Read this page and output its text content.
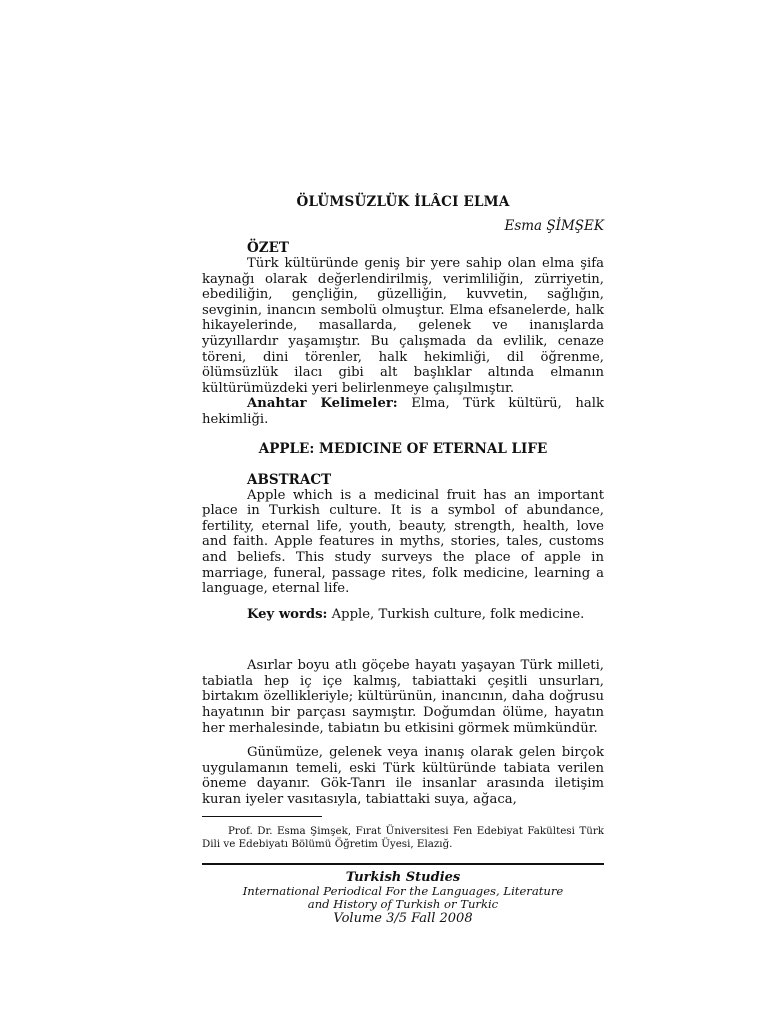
ÖLÜMSÜZLÜK İLÂCI ELMA
Esma ŞİMŞEK
ÖZET

Türk kültüründe geniş bir yere sahip olan elma şifa kaynağı olarak değerlendirilmiş, verimliliğin, zürriyetin, ebediliğin, gençliğin, güzelliğin, kuvvetin, sağlığın, sevginin, inancın sembolü olmuştur. Elma efsanelerde, halk hikayelerinde, masallarda, gelenek ve inanışlarda yüzyıllardır yaşamıştır. Bu çalışmada da evlilik, cenaze töreni, dini törenler, halk hekimliği, dil öğrenme, ölümsüzlük ilacı gibi alt başlıklar altında elmanın kültürümüzdeki yeri belirlenmeye çalışılmıştır.

Anahtar Kelimeler: Elma, Türk kültürü, halk hekimliği.

APPLE: MEDICINE OF ETERNAL LIFE
ABSTRACT

Apple which is a medicinal fruit has an important place in Turkish culture. It is a symbol of abundance, fertility, eternal life, youth, beauty, strength, health, love and faith. Apple features in myths, stories, tales, customs and beliefs. This study surveys the place of apple in marriage, funeral, passage rites, folk medicine, learning a language, eternal life.

Key words: Apple, Turkish culture, folk medicine.

Asırlar boyu atlı göçebe hayatı yaşayan Türk milleti, tabiatla hep iç içe kalmış, tabiattaki çeşitli unsurları, birtakım özellikleriyle; kültürünün, inancının, daha doğrusu hayatının bir parçası saymıştır. Doğumdan ölüme, hayatın her merhalesinde, tabiatın bu etkisini görmek mümkündür.

Günümüze, gelenek veya inanış olarak gelen birçok uygulamanın temeli, eski Türk kültüründe tabiata verilen öneme dayanır. Gök-Tanrı ile insanlar arasında iletişim kuran iyeler vasıtasıyla, tabiattaki suya, ağaca,

Prof. Dr. Esma Şimşek, Fırat Üniversitesi Fen Edebiyat Fakültesi Türk Dili ve Edebiyatı Bölümü Öğretim Üyesi, Elazığ.
Turkish Studies
International Periodical For the Languages, Literature
and History of Turkish or Turkic
Volume 3/5 Fall 2008
